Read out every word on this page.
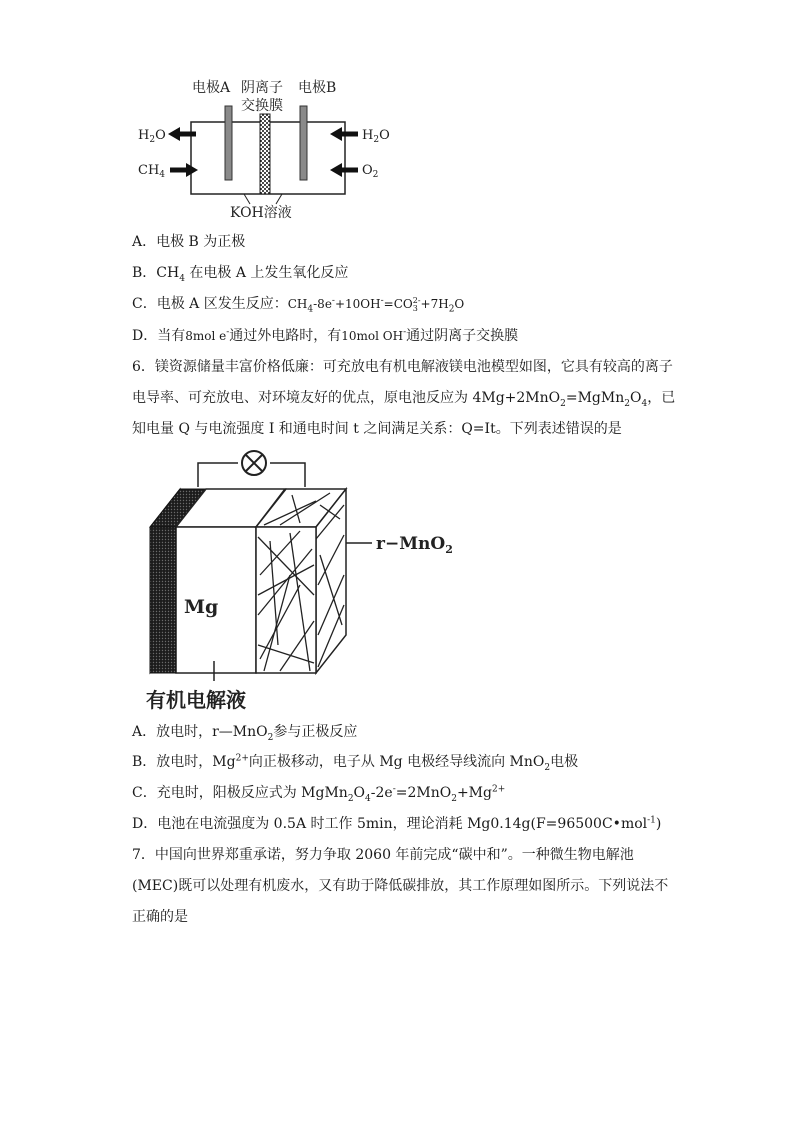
电极A 阴离子
交换膜
电极B
$H_2O$
$CH_4$
$H_2O$
$O_2$
KOH溶液
A．电极 B 为正极
B．$CH_4$ 在电极 A 上发生氧化反应
C．电极 A 区发生反应：$CH_4-8e^-+10OH^-=CO$ 2-
$3 +7H_2O$
D．当有8mol e-通过外电路时，有10mol OH-通过阴离子交换膜
6．镁资源储量丰富价格低廉：可充放电有机电解液镁电池模型如图，它具有较高的离子电导率、可充放电、对环境友好的优点，原电池反应为 $4Mg+2MnO_2=MgMn_2O_4$，已知电量 Q 与电流强度 I 和通电时间 t 之间满足关系：Q=It。下列表述错误的是
r−MnO$_2$
Mg
有机电解液
A．放电时，r—MnO$_2$参与正极反应
B．放电时，$Mg^{2+}$向正极移动，电子从 Mg 电极经导线流向 MnO$_2$电极
C．充电时，阳极反应式为 $MgMn_2O_4-2e^-=2MnO_2+Mg^{2+}$
D．电池在电流强度为 0.5A 时工作 5min，理论消耗 Mg0.14g(F=96500C•mol$^{-1}$)
7．中国向世界郑重承诺，努力争取 2060 年前完成“碳中和”。一种微生物电解池(MEC)既可以处理有机废水，又有助于降低碳排放，其工作原理如图所示。下列说法不正确的是
